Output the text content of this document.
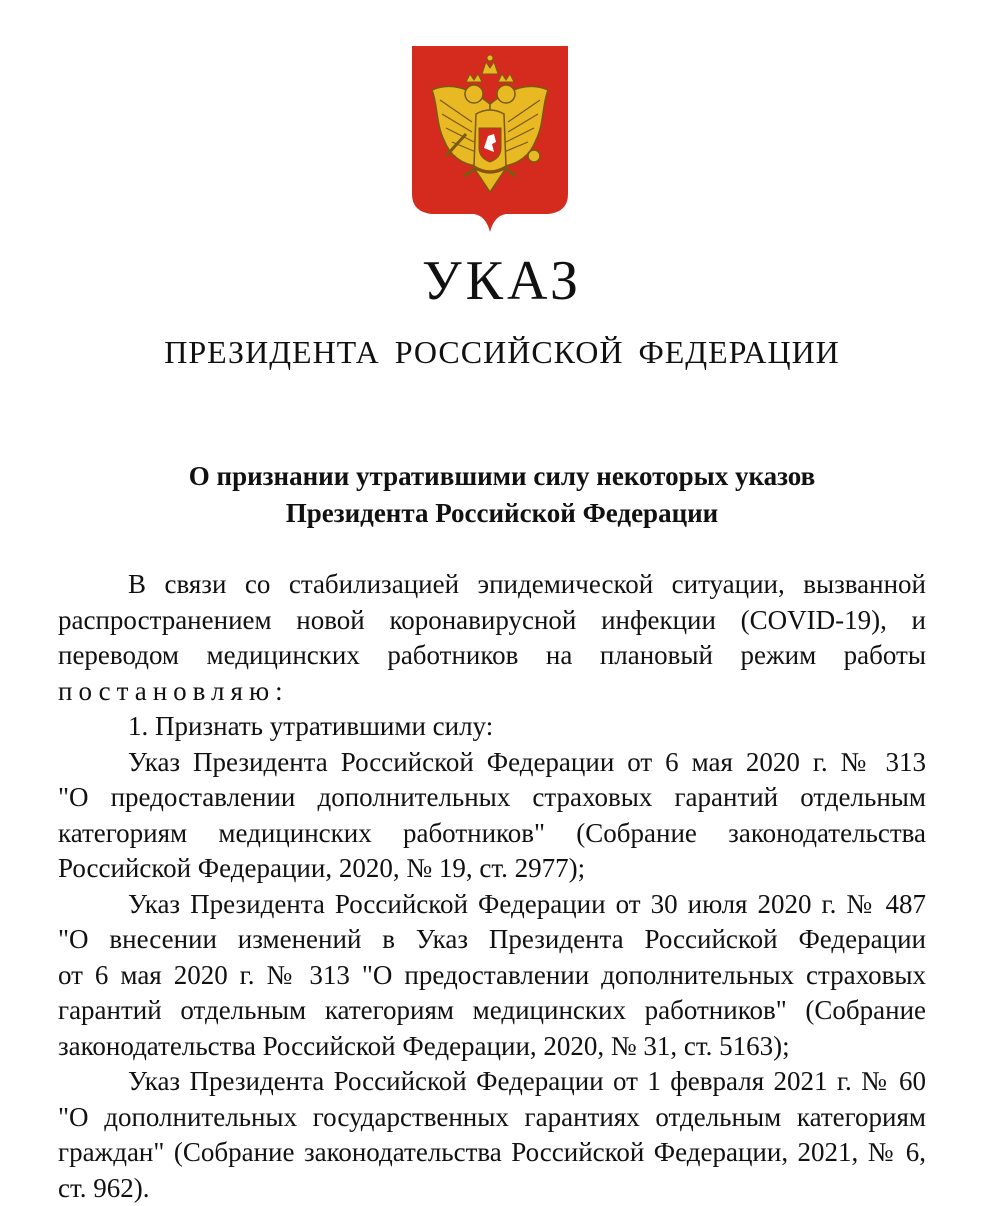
УКАЗ
ПРЕЗИДЕНТА РОССИЙСКОЙ ФЕДЕРАЦИИ
О признании утратившими силу некоторых указов
Президента Российской Федерации
В связи со стабилизацией эпидемической ситуации, вызванной
распространением новой коронавирусной инфекции (COVID-19), и
переводом медицинских работников на плановый режим работы
постановляю:
1. Признать утратившими силу:
Указ Президента Российской Федерации от 6 мая 2020 г. № 313
"О предоставлении дополнительных страховых гарантий отдельным
категориям медицинских работников" (Собрание законодательства
Российской Федерации, 2020, № 19, ст. 2977);
Указ Президента Российской Федерации от 30 июля 2020 г. № 487
"О внесении изменений в Указ Президента Российской Федерации
от 6 мая 2020 г. № 313 "О предоставлении дополнительных страховых
гарантий отдельным категориям медицинских работников" (Собрание
законодательства Российской Федерации, 2020, № 31, ст. 5163);
Указ Президента Российской Федерации от 1 февраля 2021 г. № 60
"О дополнительных государственных гарантиях отдельным категориям
граждан" (Собрание законодательства Российской Федерации, 2021, № 6,
ст. 962).
